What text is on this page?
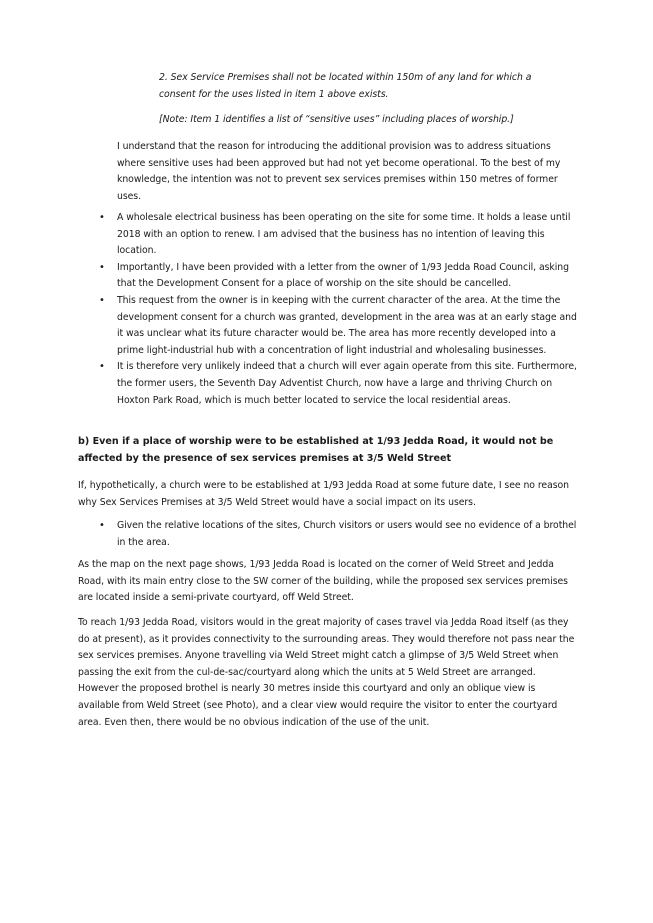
2. Sex Service Premises shall not be located within 150m of any land for which a consent for the uses listed in item 1 above exists.

[Note: Item 1 identifies a list of “sensitive uses” including places of worship.]

I understand that the reason for introducing the additional provision was to address situations where sensitive uses had been approved but had not yet become operational. To the best of my knowledge, the intention was not to prevent sex services premises within 150 metres of former uses.

• A wholesale electrical business has been operating on the site for some time. It holds a lease until 2018 with an option to renew. I am advised that the business has no intention of leaving this location.
• Importantly, I have been provided with a letter from the owner of 1/93 Jedda Road Council, asking that the Development Consent for a place of worship on the site should be cancelled.
• This request from the owner is in keeping with the current character of the area. At the time the development consent for a church was granted, development in the area was at an early stage and it was unclear what its future character would be. The area has more recently developed into a prime light-industrial hub with a concentration of light industrial and wholesaling businesses.
• It is therefore very unlikely indeed that a church will ever again operate from this site. Furthermore, the former users, the Seventh Day Adventist Church, now have a large and thriving Church on Hoxton Park Road, which is much better located to service the local residential areas.

b) Even if a place of worship were to be established at 1/93 Jedda Road, it would not be affected by the presence of sex services premises at 3/5 Weld Street

If, hypothetically, a church were to be established at 1/93 Jedda Road at some future date, I see no reason why Sex Services Premises at 3/5 Weld Street would have a social impact on its users.

• Given the relative locations of the sites, Church visitors or users would see no evidence of a brothel in the area.

As the map on the next page shows, 1/93 Jedda Road is located on the corner of Weld Street and Jedda Road, with its main entry close to the SW corner of the building, while the proposed sex services premises are located inside a semi-private courtyard, off Weld Street.

To reach 1/93 Jedda Road, visitors would in the great majority of cases travel via Jedda Road itself (as they do at present), as it provides connectivity to the surrounding areas. They would therefore not pass near the sex services premises. Anyone travelling via Weld Street might catch a glimpse of 3/5 Weld Street when passing the exit from the cul-de-sac/courtyard along which the units at 5 Weld Street are arranged. However the proposed brothel is nearly 30 metres inside this courtyard and only an oblique view is available from Weld Street (see Photo), and a clear view would require the visitor to enter the courtyard area. Even then, there would be no obvious indication of the use of the unit.
